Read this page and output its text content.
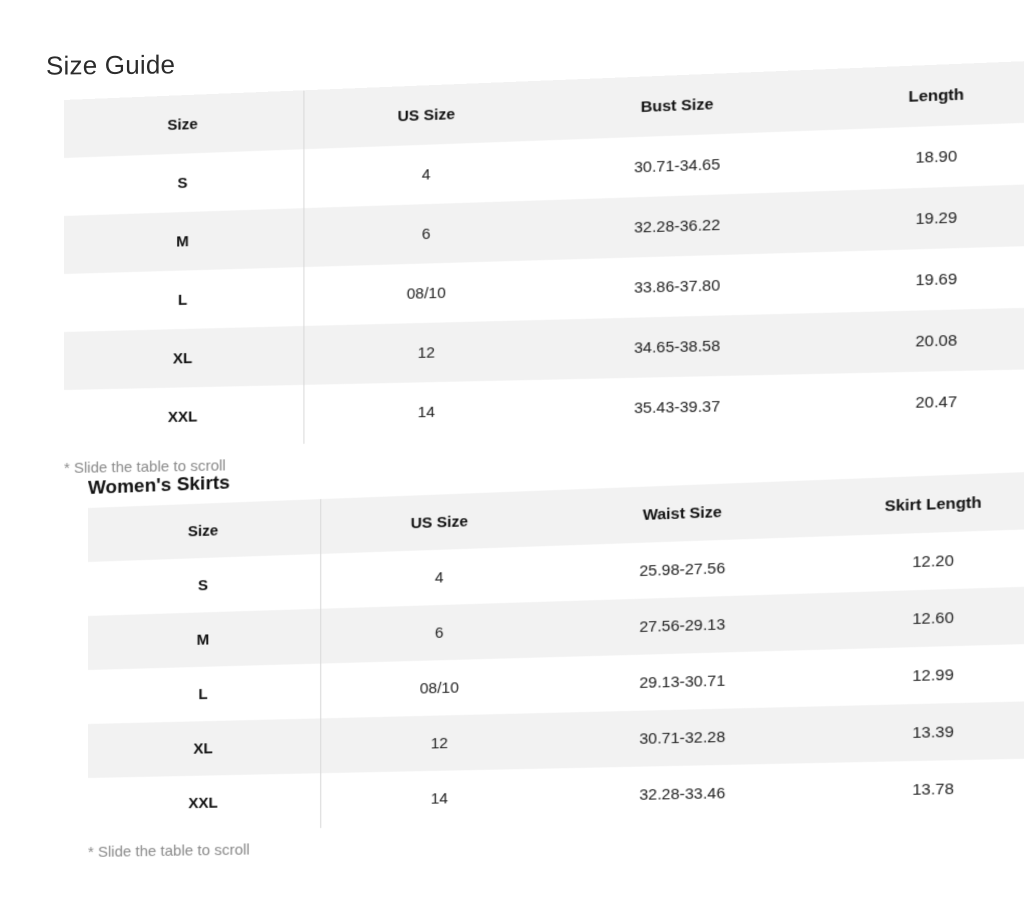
Size Guide
Size	US Size	Bust Size	Length
S	4	30.71-34.65	18.90
M	6	32.28-36.22	19.29
L	08/10	33.86-37.80	19.69
XL	12	34.65-38.58	20.08
XXL	14	35.43-39.37	20.47
* Slide the table to scroll
Women's Skirts
Size	US Size	Waist Size	Skirt Length
S	4	25.98-27.56	12.20
M	6	27.56-29.13	12.60
L	08/10	29.13-30.71	12.99
XL	12	30.71-32.28	13.39
XXL	14	32.28-33.46	13.78
* Slide the table to scroll
